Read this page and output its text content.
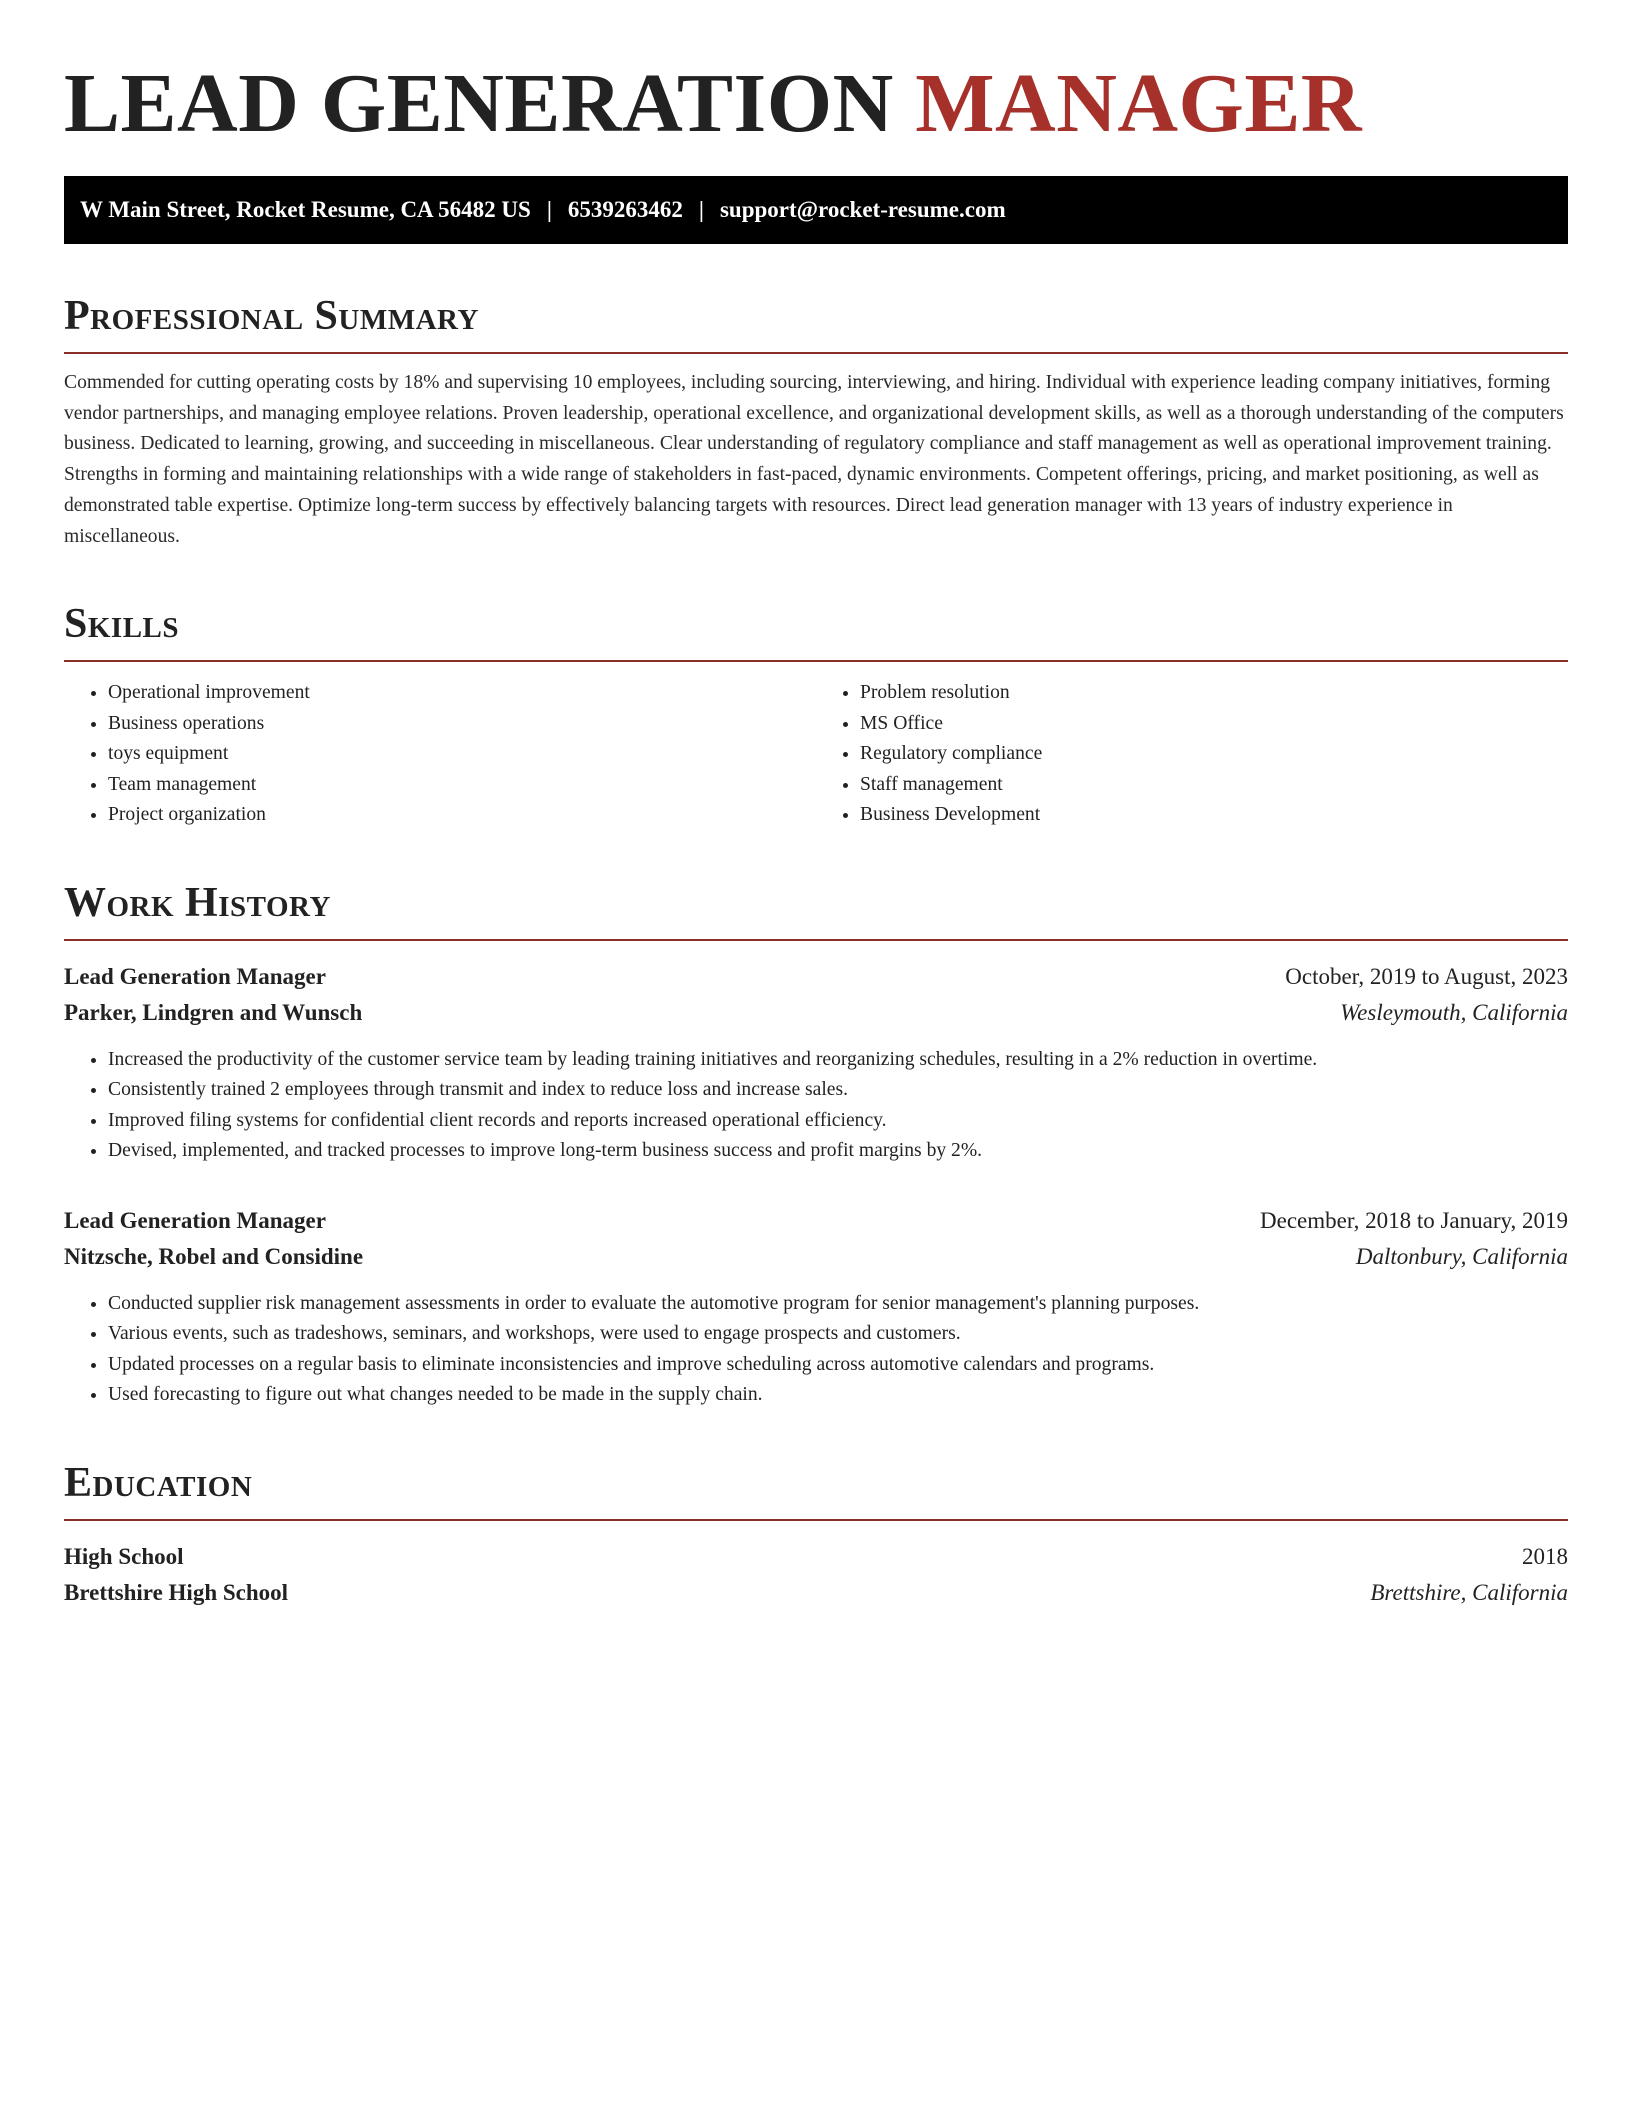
LEAD GENERATION MANAGER
W Main Street, Rocket Resume, CA 56482 US | 6539263462 | support@rocket-resume.com
Professional Summary

Commended for cutting operating costs by 18% and supervising 10 employees, including sourcing, interviewing, and hiring. Individual with experience leading company initiatives, forming vendor partnerships, and managing employee relations. Proven leadership, operational excellence, and organizational development skills, as well as a thorough understanding of the computers business. Dedicated to learning, growing, and succeeding in miscellaneous. Clear understanding of regulatory compliance and staff management as well as operational improvement training. Strengths in forming and maintaining relationships with a wide range of stakeholders in fast-paced, dynamic environments. Competent offerings, pricing, and market positioning, as well as demonstrated table expertise. Optimize long-term success by effectively balancing targets with resources. Direct lead generation manager with 13 years of industry experience in miscellaneous.

Skills
• Operational improvement
• Business operations
• toys equipment
• Team management
• Project organization
• Problem resolution
• MS Office
• Regulatory compliance
• Staff management
• Business Development
Work History
Lead Generation Manager	October, 2019 to August, 2023
Parker, Lindgren and Wunsch	Wesleymouth, California
• Increased the productivity of the customer service team by leading training initiatives and reorganizing schedules, resulting in a 2% reduction in overtime.
• Consistently trained 2 employees through transmit and index to reduce loss and increase sales.
• Improved filing systems for confidential client records and reports increased operational efficiency.
• Devised, implemented, and tracked processes to improve long-term business success and profit margins by 2%.
Lead Generation Manager	December, 2018 to January, 2019
Nitzsche, Robel and Considine	Daltonbury, California
• Conducted supplier risk management assessments in order to evaluate the automotive program for senior management's planning purposes.
• Various events, such as tradeshows, seminars, and workshops, were used to engage prospects and customers.
• Updated processes on a regular basis to eliminate inconsistencies and improve scheduling across automotive calendars and programs.
• Used forecasting to figure out what changes needed to be made in the supply chain.
Education
High School	2018
Brettshire High School	Brettshire, California
